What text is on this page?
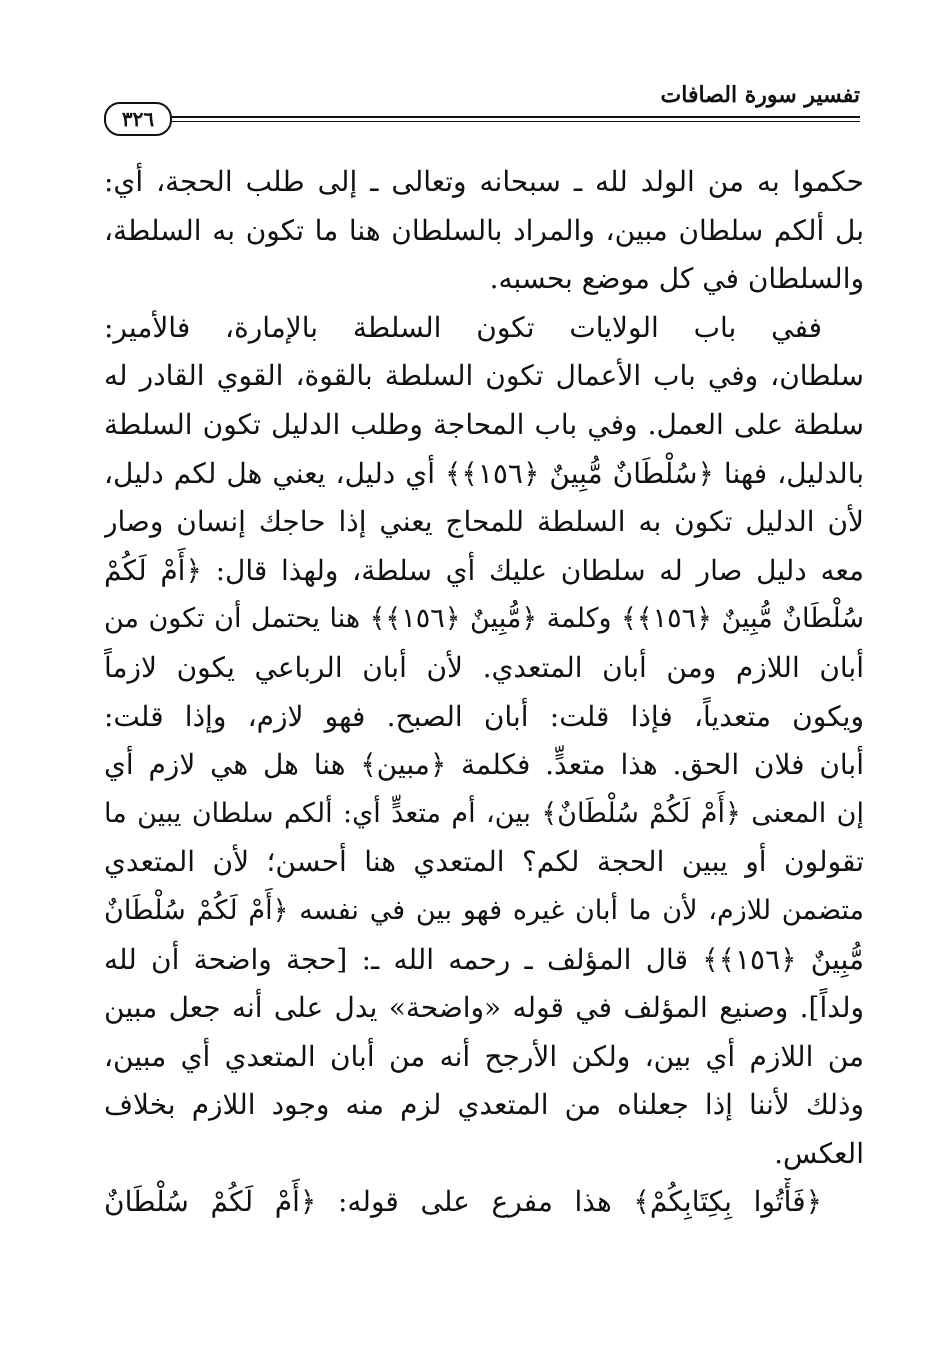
تفسير سورة الصافات
٣٢٦
حكموا به من الولد لله ـ سبحانه وتعالى ـ إلى طلب الحجة، أي:
بل ألكم سلطان مبين، والمراد بالسلطان هنا ما تكون به السلطة،
والسلطان في كل موضع بحسبه.
ففي باب الولايات تكون السلطة بالإمارة، فالأمير:
سلطان، وفي باب الأعمال تكون السلطة بالقوة، القوي القادر له
سلطة على العمل. وفي باب المحاجة وطلب الدليل تكون السلطة
بالدليل، فهنا ﴿سُلْطَانٌ مُّبِينٌ ﴿١٥٦﴾﴾ أي دليل، يعني هل لكم دليل،
لأن الدليل تكون به السلطة للمحاج يعني إذا حاجك إنسان وصار
معه دليل صار له سلطان عليك أي سلطة، ولهذا قال: ﴿أَمْ لَكُمْ
سُلْطَانٌ مُّبِينٌ ﴿١٥٦﴾﴾ وكلمة ﴿مُّبِينٌ ﴿١٥٦﴾﴾ هنا يحتمل أن تكون من
أبان اللازم ومن أبان المتعدي. لأن أبان الرباعي يكون لازماً
ويكون متعدياً، فإذا قلت: أبان الصبح. فهو لازم، وإذا قلت:
أبان فلان الحق. هذا متعدٍّ. فكلمة ﴿مبين﴾ هنا هل هي لازم أي
إن المعنى ﴿أَمْ لَكُمْ سُلْطَانٌ﴾ بين، أم متعدٍّ أي: ألكم سلطان يبين ما
تقولون أو يبين الحجة لكم؟ المتعدي هنا أحسن؛ لأن المتعدي
متضمن للازم، لأن ما أبان غيره فهو بين في نفسه ﴿أَمْ لَكُمْ سُلْطَانٌ
مُّبِينٌ ﴿١٥٦﴾﴾ قال المؤلف ـ رحمه الله ـ: [حجة واضحة أن لله
ولداً]. وصنيع المؤلف في قوله «واضحة» يدل على أنه جعل مبين
من اللازم أي بين، ولكن الأرجح أنه من أبان المتعدي أي مبين،
وذلك لأننا إذا جعلناه من المتعدي لزم منه وجود اللازم بخلاف
العكس.
﴿فَأْتُوا بِكِتَابِكُمْ﴾ هذا مفرع على قوله: ﴿أَمْ لَكُمْ سُلْطَانٌ
